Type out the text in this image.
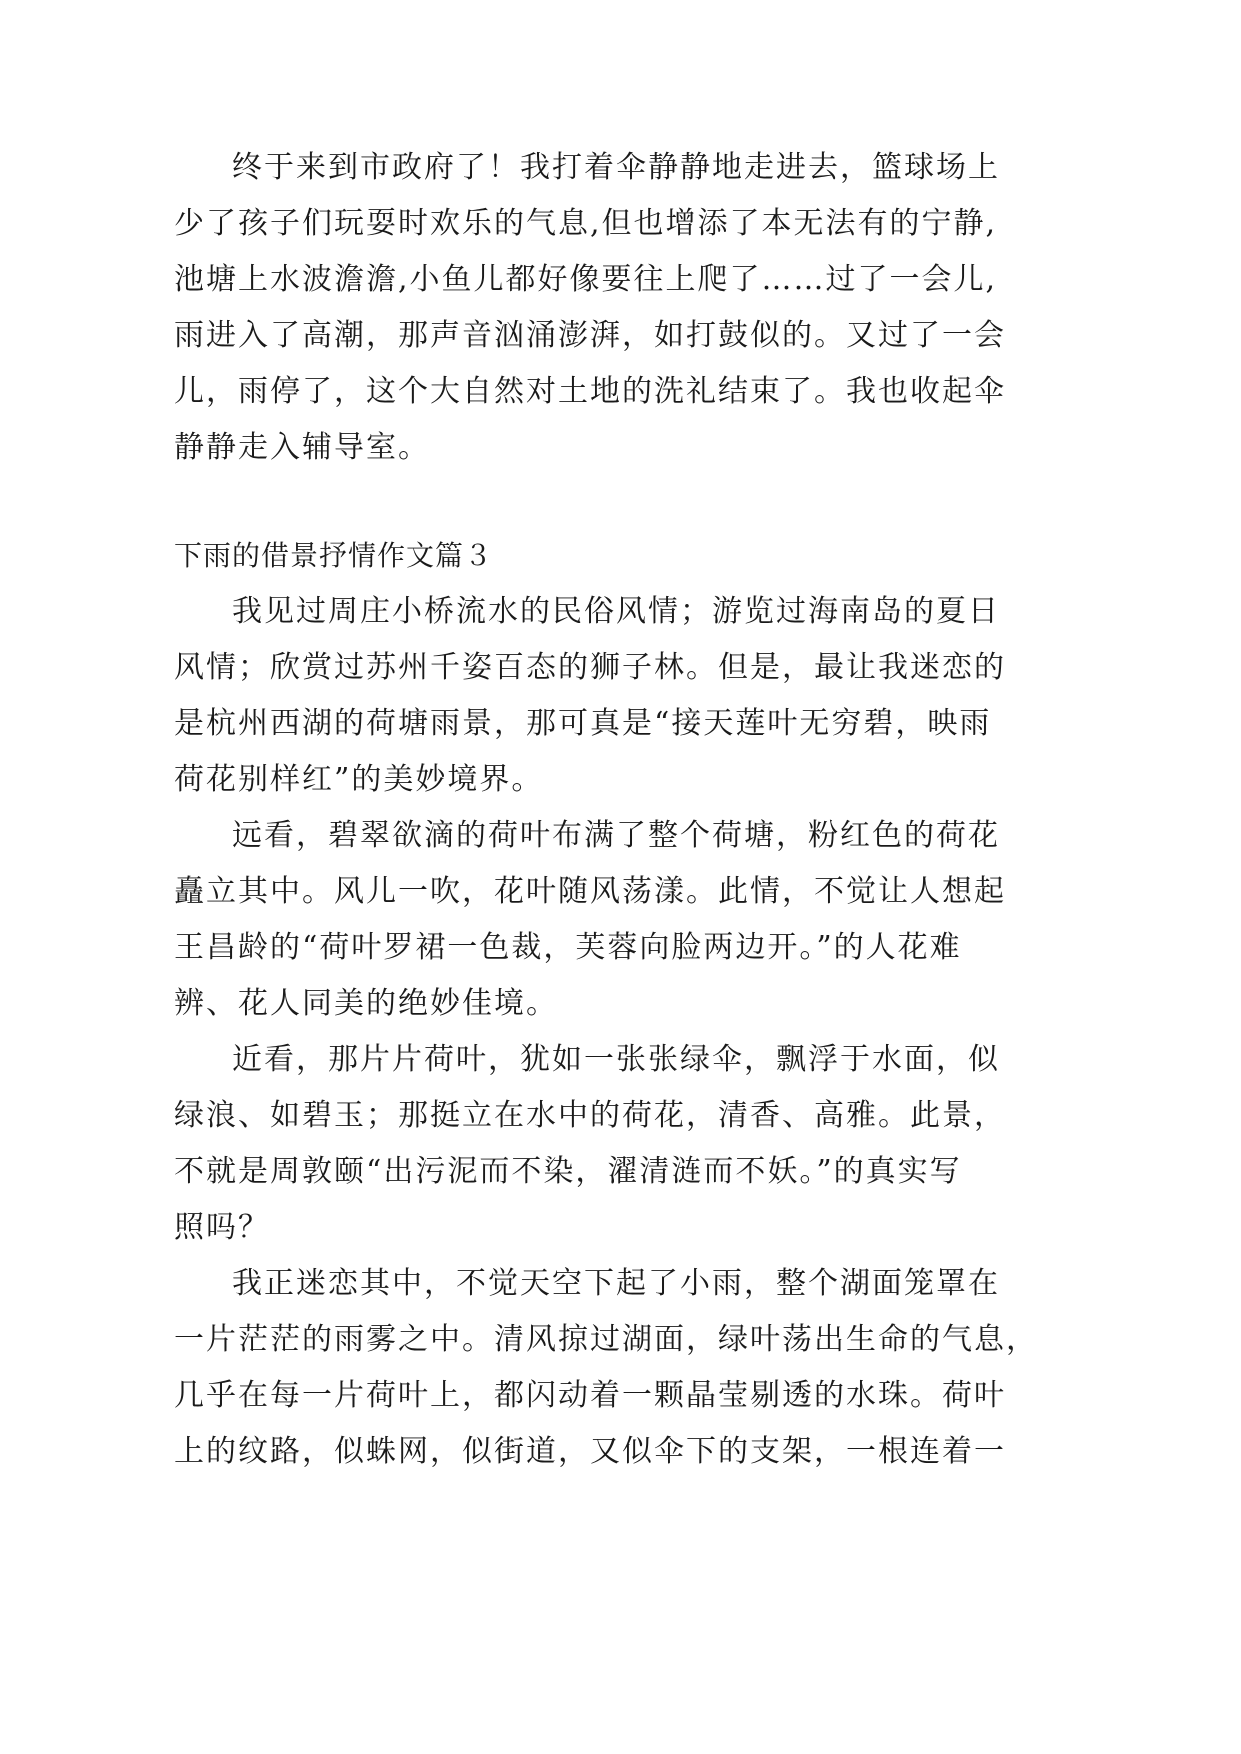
终于来到市政府了！我打着伞静静地走进去，篮球场上
少了孩子们玩耍时欢乐的气息,但也增添了本无法有的宁静,
池塘上水波澹澹,小鱼儿都好像要往上爬了……过了一会儿,
雨进入了高潮，那声音汹涌澎湃，如打鼓似的。又过了一会
儿，雨停了，这个大自然对土地的洗礼结束了。我也收起伞
静静走入辅导室。
下雨的借景抒情作文篇３
我见过周庄小桥流水的民俗风情；游览过海南岛的夏日
风情；欣赏过苏州千姿百态的狮子林。但是，最让我迷恋的
是杭州西湖的荷塘雨景，那可真是“接天莲叶无穷碧，映雨
荷花别样红”的美妙境界。
远看，碧翠欲滴的荷叶布满了整个荷塘，粉红色的荷花
矗立其中。风儿一吹，花叶随风荡漾。此情，不觉让人想起
王昌龄的“荷叶罗裙一色裁，芙蓉向脸两边开。”的人花难
辨、花人同美的绝妙佳境。
近看，那片片荷叶，犹如一张张绿伞，飘浮于水面，似
绿浪、如碧玉；那挺立在水中的荷花，清香、高雅。此景，
不就是周敦颐“出污泥而不染，濯清涟而不妖。”的真实写
照吗？
我正迷恋其中，不觉天空下起了小雨，整个湖面笼罩在
一片茫茫的雨雾之中。清风掠过湖面，绿叶荡出生命的气息，
几乎在每一片荷叶上，都闪动着一颗晶莹剔透的水珠。荷叶
上的纹路，似蛛网，似街道，又似伞下的支架，一根连着一
